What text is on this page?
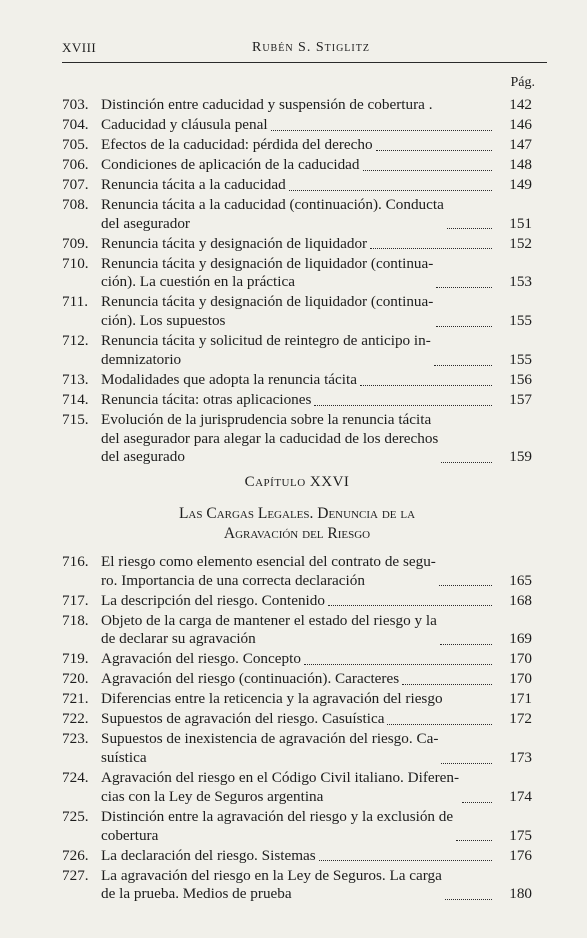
XVIII	Rubén S. Stiglitz
Pág.
703. Distinción entre caducidad y suspensión de cobertura .	142
704. Caducidad y cláusula penal	146
705. Efectos de la caducidad: pérdida del derecho	147
706. Condiciones de aplicación de la caducidad	148
707. Renuncia tácita a la caducidad	149
708. Renuncia tácita a la caducidad (continuación). Conducta
del asegurador	151
709. Renuncia tácita y designación de liquidador	152
710. Renuncia tácita y designación de liquidador (continua-
ción). La cuestión en la práctica	153
711. Renuncia tácita y designación de liquidador (continua-
ción). Los supuestos	155
712. Renuncia tácita y solicitud de reintegro de anticipo in-
demnizatorio	155
713. Modalidades que adopta la renuncia tácita	156
714. Renuncia tácita: otras aplicaciones	157
715. Evolución de la jurisprudencia sobre la renuncia tácita
del asegurador para alegar la caducidad de los derechos
del asegurado	159
Capítulo XXVI
Las Cargas Legales. Denuncia de la Agravación del Riesgo
716. El riesgo como elemento esencial del contrato de segu-
ro. Importancia de una correcta declaración	165
717. La descripción del riesgo. Contenido	168
718. Objeto de la carga de mantener el estado del riesgo y la
de declarar su agravación	169
719. Agravación del riesgo. Concepto	170
720. Agravación del riesgo (continuación). Caracteres	170
721. Diferencias entre la reticencia y la agravación del riesgo	171
722. Supuestos de agravación del riesgo. Casuística	172
723. Supuestos de inexistencia de agravación del riesgo. Ca-
suística	173
724. Agravación del riesgo en el Código Civil italiano. Diferen-
cias con la Ley de Seguros argentina	174
725. Distinción entre la agravación del riesgo y la exclusión de
cobertura	175
726. La declaración del riesgo. Sistemas	176
727. La agravación del riesgo en la Ley de Seguros. La carga
de la prueba. Medios de prueba	180
